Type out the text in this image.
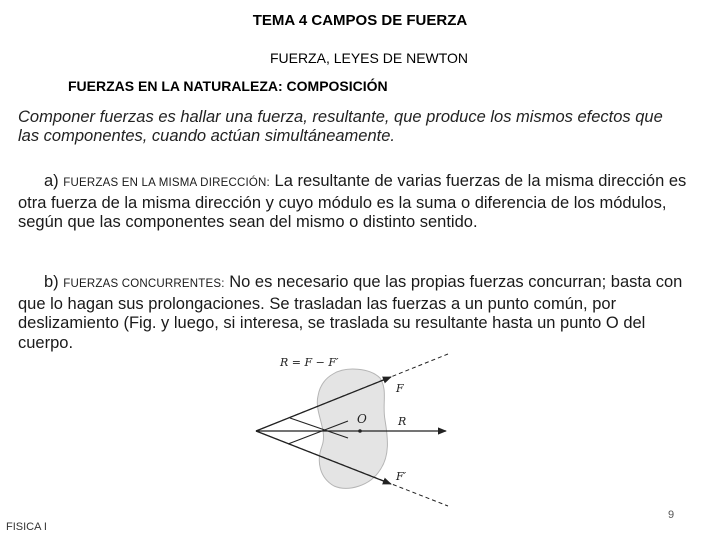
TEMA 4 CAMPOS DE FUERZA
FUERZA, LEYES DE NEWTON
FUERZAS EN LA NATURALEZA: COMPOSICIÓN
Componer fuerzas es hallar una fuerza, resultante, que produce los mismos efectos que las componentes, cuando actúan simultáneamente.
a) FUERZAS EN LA MISMA DIRECCIÓN: La resultante de varias fuerzas de la misma dirección es otra fuerza de la misma dirección y cuyo módulo es la suma o diferencia de los módulos, según que las componentes sean del mismo o distinto sentido.
b) FUERZAS CONCURRENTES: No es necesario que las propias fuerzas concurran; basta con que lo hagan sus prolongaciones. Se trasladan las fuerzas a un punto común, por deslizamiento (Fig. y luego, si interesa, se traslada su resultante hasta un punto O del cuerpo.
O
R = F − F′
F
R
F′
9
FISICA I
